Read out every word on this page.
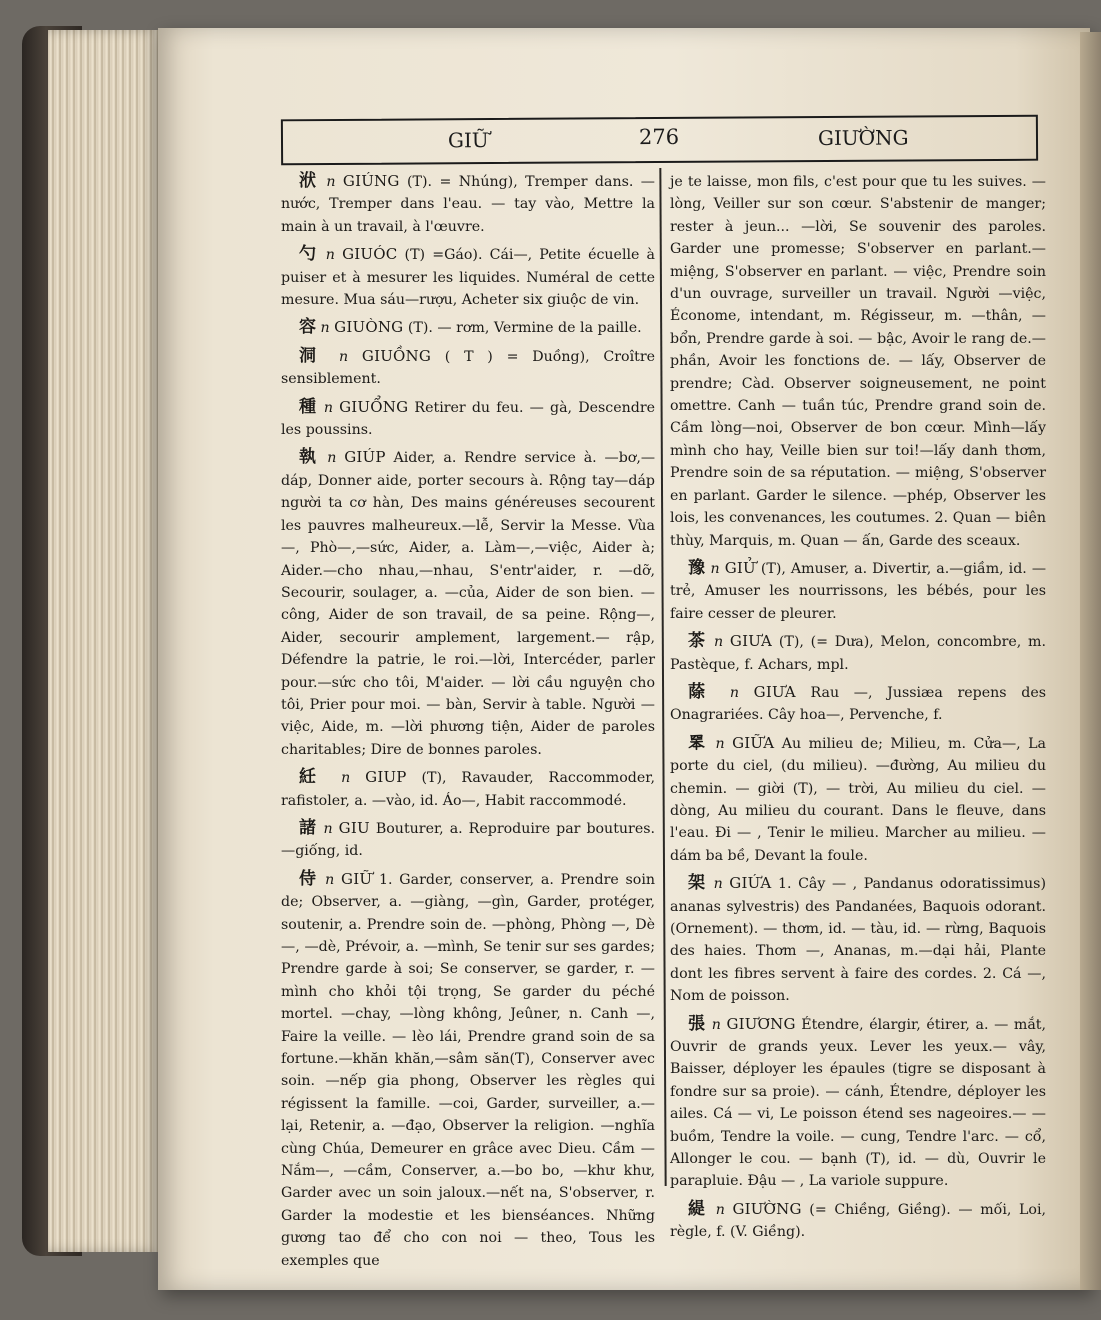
GIỮ	276	GIƯỜNG

洑 n GIÚNG (T). = Nhúng), Tremper dans. —nước, Tremper dans l'eau. — tay vào, Mettre la main à un travail, à l'œuvre.

勺 n GIUÓC (T) =Gáo). Cái—, Petite écuelle à puiser et à mesurer les liquides. Numéral de cette mesure. Mua sáu—rượu, Acheter six giuộc de vin.

容 n GIUÒNG (T). — rơm, Vermine de la paille.

洞 n GIUỒNG ( T ) = Duồng), Croître sensiblement.

種 n GIUỔNG Retirer du feu. — gà, Descendre les poussins.

執 n GIÚP Aider, a. Rendre service à. —bơ,— dáp, Donner aide, porter secours à. Rộng tay—dáp người ta cơ hàn, Des mains généreuses secourent les pauvres malheureux.—lễ, Servir la Messe. Vùa—, Phò—,—sức, Aider, a. Làm—,—việc, Aider à; Aider.—cho nhau,—nhau, S'entr'aider, r. —dỡ, Secourir, soulager, a. —của, Aider de son bien. —công, Aider de son travail, de sa peine. Rộng—, Aider, secourir amplement, largement.— rập, Défendre la patrie, le roi.—lời, Intercéder, parler pour.—sức cho tôi, M'aider. — lời cầu nguyện cho tôi, Prier pour moi. — bàn, Servir à table. Người — việc, Aide, m. —lời phương tiện, Aider de paroles charitables; Dire de bonnes paroles.

紝 n GIUP (T), Ravauder, Raccommoder, rafistoler, a. —vào, id. Áo—, Habit raccommodé.

諸 n GIU Bouturer, a. Reproduire par boutures.—giống, id.

侍 n GIỮ 1. Garder, conserver, a. Prendre soin de; Observer, a. —giàng, —gìn, Garder, protéger, soutenir, a. Prendre soin de. —phòng, Phòng —, Dè—, —dè, Prévoir, a. —mình, Se tenir sur ses gardes; Prendre garde à soi; Se conserver, se garder, r. —mình cho khỏi tội trọng, Se garder du péché mortel. —chay, —lòng không, Jeûner, n. Canh —, Faire la veille. — lèo lái, Prendre grand soin de sa fortune.—khăn khăn,—sâm săn(T), Conserver avec soin. —nếp gia phong, Observer les règles qui régissent la famille. —coi, Garder, surveiller, a.— lại, Retenir, a. —đạo, Observer la religion. —nghĩa cùng Chúa, Demeurer en grâce avec Dieu. Cầm — Nắm—, —cầm, Conserver, a.—bo bo, —khư khư, Garder avec un soin jaloux.—nết na, S'observer, r. Garder la modestie et les bienséances. Những gương tao để cho con noi — theo, Tous les exemples que

je te laisse, mon fils, c'est pour que tu les suives. — lòng, Veiller sur son cœur. S'abstenir de manger; rester à jeun... —lời, Se souvenir des paroles. Garder une promesse; S'observer en parlant.—miệng, S'observer en parlant. — việc, Prendre soin d'un ouvrage, surveiller un travail. Người —việc, Économe, intendant, m. Régisseur, m. —thân, —bổn, Prendre garde à soi. — bậc, Avoir le rang de.— phần, Avoir les fonctions de. — lấy, Observer de prendre; Càd. Observer soigneusement, ne point omettre. Canh — tuần túc, Prendre grand soin de. Cầm lòng—noi, Observer de bon cœur. Mình—lấy mình cho hay, Veille bien sur toi!—lấy danh thơm, Prendre soin de sa réputation. — miệng, S'observer en parlant. Garder le silence. —phép, Observer les lois, les convenances, les coutumes. 2. Quan — biên thùy, Marquis, m. Quan — ấn, Garde des sceaux.

豫 n GIỬ (T), Amuser, a. Divertir, a.—giầm, id. — trẻ, Amuser les nourrissons, les bébés, pour les faire cesser de pleurer.

茶 n GIƯA (T), (= Dưa), Melon, concombre, m. Pastèque, f. Achars, mpl.

蒢 n GIƯA Rau —, Jussiæa repens des Onagrariées. Cây hoa—, Pervenche, f.

𦊚 n GIỮA Au milieu de; Milieu, m. Cửa—, La porte du ciel, (du milieu). —đường, Au milieu du chemin. — giời (T), — trời, Au milieu du ciel. — dòng, Au milieu du courant. Dans le fleuve, dans l'eau. Đi — , Tenir le milieu. Marcher au milieu. — dám ba bề, Devant la foule.

架 n GIỨA 1. Cây — , Pandanus odoratissimus) ananas sylvestris) des Pandanées, Baquois odorant. (Ornement). — thơm, id. — tàu, id. — rừng, Baquois des haies. Thơm —, Ananas, m.—dại hải, Plante dont les fibres servent à faire des cordes. 2. Cá —, Nom de poisson.

張 n GIƯƠNG Étendre, élargir, étirer, a. — mắt, Ouvrir de grands yeux. Lever les yeux.— vây, Baisser, déployer les épaules (tigre se disposant à fondre sur sa proie). — cánh, Étendre, déployer les ailes. Cá — vi, Le poisson étend ses nageoires.— — buồm, Tendre la voile. — cung, Tendre l'arc. — cổ, Allonger le cou. — bạnh (T), id. — dù, Ouvrir le parapluie. Đậu — , La variole suppure.

緹 n GIƯỜNG (= Chiềng, Giềng). — mối, Loi, règle, f. (V. Giềng).
